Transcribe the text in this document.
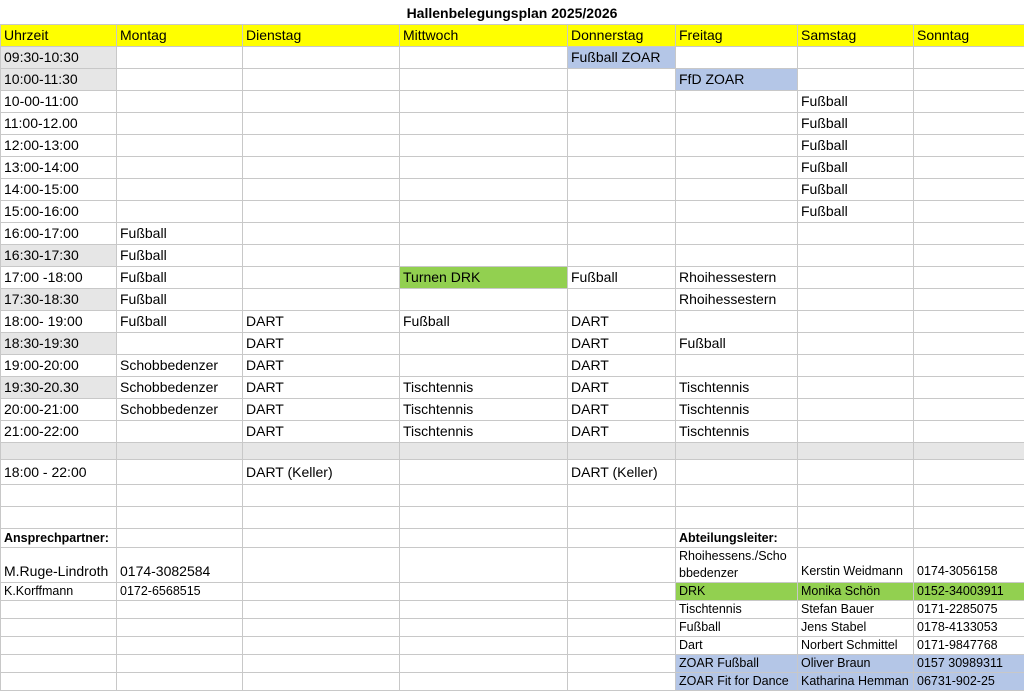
Hallenbelegungsplan 2025/2026
Uhrzeit	Montag	Dienstag	Mittwoch	Donnerstag	Freitag	Samstag	Sonntag
09:30-10:30				Fußball ZOAR			
10:00-11:30					FfD ZOAR		
10-00-11:00						Fußball	
11:00-12.00						Fußball	
12:00-13:00						Fußball	
13:00-14:00						Fußball	
14:00-15:00						Fußball	
15:00-16:00						Fußball	
16:00-17:00	Fußball						
16:30-17:30	Fußball						
17:00 -18:00	Fußball		Turnen DRK	Fußball	Rhoihessestern		
17:30-18:30	Fußball				Rhoihessestern		
18:00- 19:00	Fußball	DART	Fußball	DART			
18:30-19:30		DART		DART	Fußball		
19:00-20:00	Schobbedenzer	DART		DART			
19:30-20.30	Schobbedenzer	DART	Tischtennis	DART	Tischtennis		
20:00-21:00	Schobbedenzer	DART	Tischtennis	DART	Tischtennis		
21:00-22:00		DART	Tischtennis	DART	Tischtennis		

18:00 - 22:00		DART (Keller)		DART (Keller)			

Ansprechpartner:					Abteilungsleiter:		
M.Ruge-Lindroth	0174-3082584				Rhoihessens./Scho
bbedenzer	Kerstin Weidmann	0174-3056158
K.Korffmann	0172-6568515				DRK	Monika Schön	0152-34003911
					Tischtennis	Stefan Bauer	0171-2285075
					Fußball	Jens Stabel	0178-4133053
					Dart	Norbert Schmittel	0171-9847768
					ZOAR Fußball	Oliver Braun	0157 30989311
					ZOAR Fit for Dance	Katharina Hemman	06731-902-25
